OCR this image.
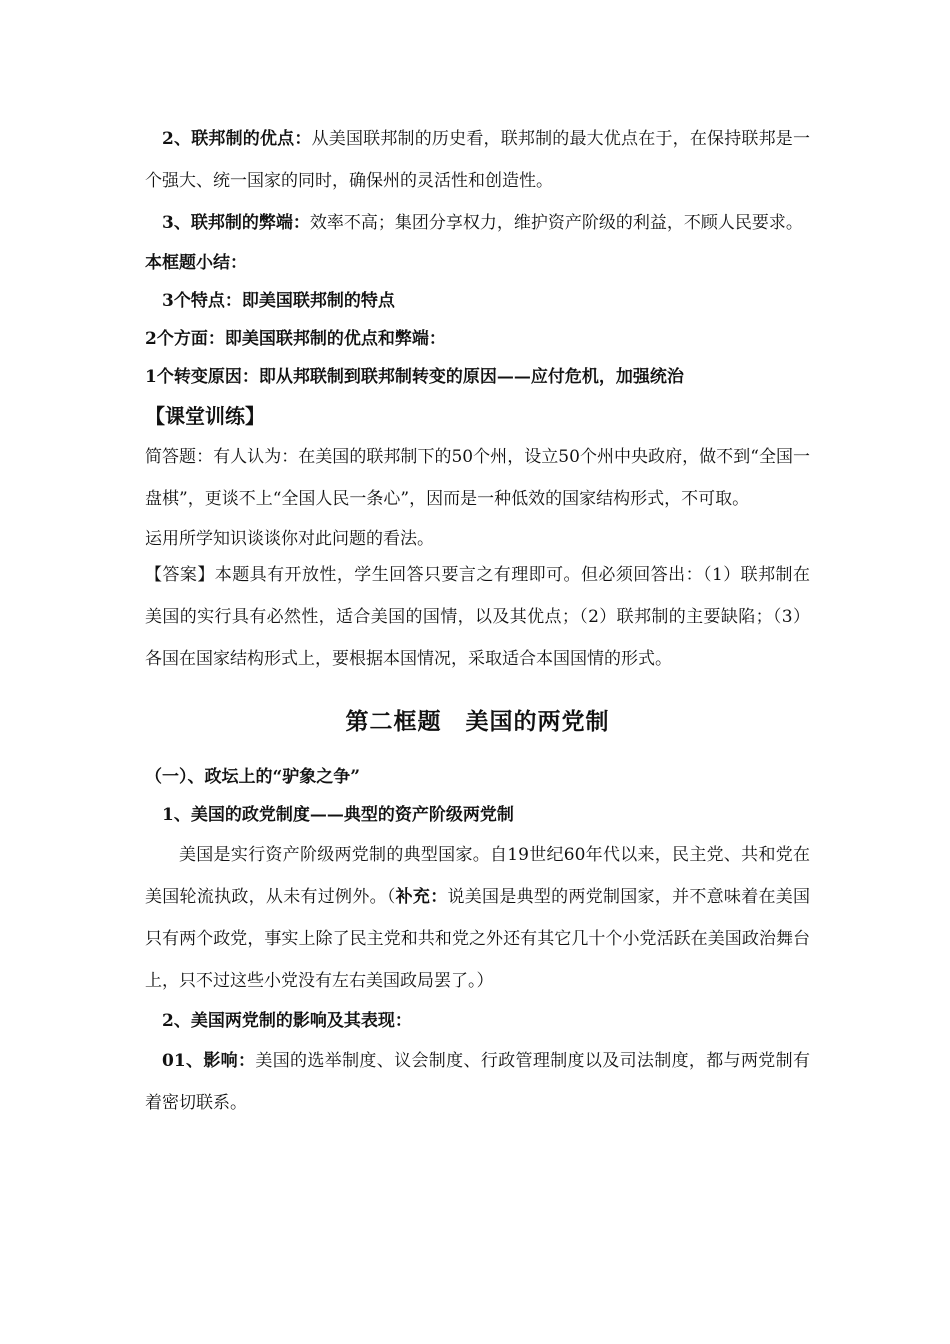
2、联邦制的优点：从美国联邦制的历史看，联邦制的最大优点在于，在保持联邦是一个强大、统一国家的同时，确保州的灵活性和创造性。

3、联邦制的弊端：效率不高；集团分享权力，维护资产阶级的利益，不顾人民要求。

本框题小结：

3个特点：即美国联邦制的特点

2个方面：即美国联邦制的优点和弊端：

1个转变原因：即从邦联制到联邦制转变的原因——应付危机，加强统治

【课堂训练】

简答题：有人认为：在美国的联邦制下的50个州，设立50个州中央政府，做不到“全国一盘棋”，更谈不上“全国人民一条心”，因而是一种低效的国家结构形式，不可取。

运用所学知识谈谈你对此问题的看法。

【答案】本题具有开放性，学生回答只要言之有理即可。但必须回答出：（1）联邦制在美国的实行具有必然性，适合美国的国情，以及其优点；（2）联邦制的主要缺陷；（3）各国在国家结构形式上，要根据本国情况，采取适合本国国情的形式。

第二框题　美国的两党制

（一）、政坛上的“驴象之争”

1、美国的政党制度——典型的资产阶级两党制

美国是实行资产阶级两党制的典型国家。自19世纪60年代以来，民主党、共和党在美国轮流执政，从未有过例外。（补充：说美国是典型的两党制国家，并不意味着在美国只有两个政党，事实上除了民主党和共和党之外还有其它几十个小党活跃在美国政治舞台上，只不过这些小党没有左右美国政局罢了。）

2、美国两党制的影响及其表现：

01、影响：美国的选举制度、议会制度、行政管理制度以及司法制度，都与两党制有着密切联系。
